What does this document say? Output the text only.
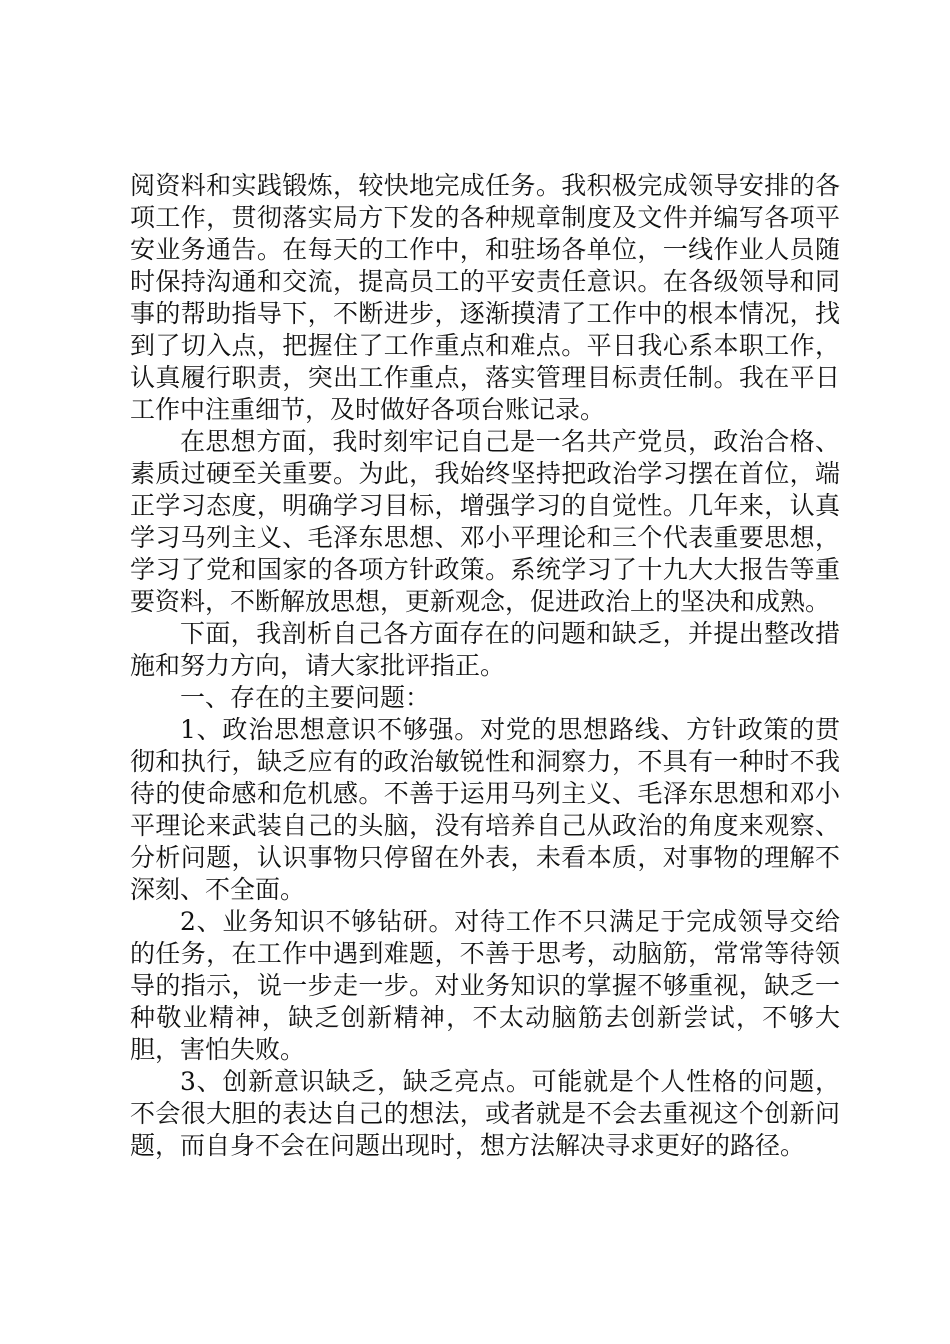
阅资料和实践锻炼，较快地完成任务。我积极完成领导安排的各项工作，贯彻落实局方下发的各种规章制度及文件并编写各项平安业务通告。在每天的工作中，和驻场各单位，一线作业人员随时保持沟通和交流，提高员工的平安责任意识。在各级领导和同事的帮助指导下，不断进步，逐渐摸清了工作中的根本情况，找到了切入点，把握住了工作重点和难点。平日我心系本职工作，认真履行职责，突出工作重点，落实管理目标责任制。我在平日工作中注重细节，及时做好各项台账记录。

在思想方面，我时刻牢记自己是一名共产党员，政治合格、素质过硬至关重要。为此，我始终坚持把政治学习摆在首位，端正学习态度，明确学习目标，增强学习的自觉性。几年来，认真学习马列主义、毛泽东思想、邓小平理论和三个代表重要思想，学习了党和国家的各项方针政策。系统学习了十九大大报告等重要资料，不断解放思想，更新观念，促进政治上的坚决和成熟。

下面，我剖析自己各方面存在的问题和缺乏，并提出整改措施和努力方向，请大家批评指正。

一、存在的主要问题：

1、政治思想意识不够强。对党的思想路线、方针政策的贯彻和执行，缺乏应有的政治敏锐性和洞察力，不具有一种时不我待的使命感和危机感。不善于运用马列主义、毛泽东思想和邓小平理论来武装自己的头脑，没有培养自己从政治的角度来观察、分析问题，认识事物只停留在外表，未看本质，对事物的理解不深刻、不全面。

2、业务知识不够钻研。对待工作不只满足于完成领导交给的任务，在工作中遇到难题，不善于思考，动脑筋，常常等待领导的指示，说一步走一步。对业务知识的掌握不够重视，缺乏一种敬业精神，缺乏创新精神，不太动脑筋去创新尝试，不够大胆，害怕失败。

3、创新意识缺乏，缺乏亮点。可能就是个人性格的问题，不会很大胆的表达自己的想法，或者就是不会去重视这个创新问题，而自身不会在问题出现时，想方法解决寻求更好的路径。
